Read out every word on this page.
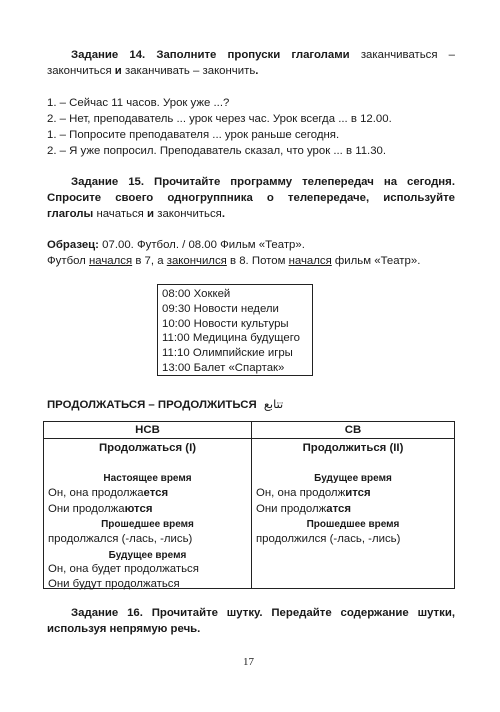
Задание 14. Заполните пропуски глаголами заканчиваться –
закончиться и заканчивать – закончить.
1. – Сейчас 11 часов. Урок уже ...?
2. – Нет, преподаватель ... урок через час. Урок всегда ... в 12.00.
1. – Попросите преподавателя ... урок раньше сегодня.
2. – Я уже попросил. Преподаватель сказал, что урок ... в 11.30.
Задание 15. Прочитайте программу телепередач на сегодня.
Спросите своего одногруппника о телепередаче, используйте
глаголы начаться и закончиться.
Образец: 07.00. Футбол. / 08.00 Фильм «Театр».
Футбол начался в 7, а закончился в 8. Потом начался фильм «Театр».
08:00 Хоккей
09:30 Новости недели
10:00 Новости культуры
11:00 Медицина будущего
11:10 Олимпийские игры
13:00 Балет «Спартак»
ПРОДОЛЖАТЬСЯ – ПРОДОЛЖИТЬСЯ تتابع
НСВ	СВ
Продолжаться (I)	Продолжиться (II)
Настоящее время
Он, она продолжается
Они продолжаются
Прошедшее время
продолжался (-лась, -лись)
Будущее время
Он, она будет продолжаться
Они будут продолжаться
Будущее время
Он, она продолжится
Они продолжатся
Прошедшее время
продолжился (-лась, -лись)
Задание 16. Прочитайте шутку. Передайте содержание шутки,
используя непрямую речь.
17
